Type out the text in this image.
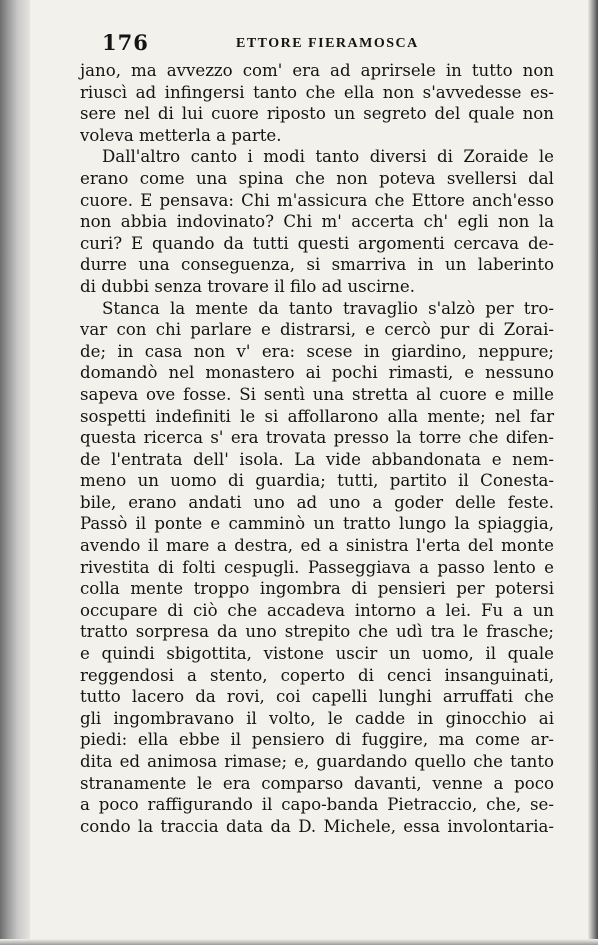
176	ETTORE FIERAMOSCA
jano, ma avvezzo com' era ad aprirsele in tutto non
riuscì ad infingersi tanto che ella non s'avvedesse es-
sere nel di lui cuore riposto un segreto del quale non
voleva metterla a parte.
Dall'altro canto i modi tanto diversi di Zoraide le
erano come una spina che non poteva svellersi dal
cuore. E pensava: Chi m'assicura che Ettore anch'esso
non abbia indovinato? Chi m' accerta ch' egli non la
curi? E quando da tutti questi argomenti cercava de-
durre una conseguenza, si smarriva in un laberinto
di dubbi senza trovare il filo ad uscirne.
Stanca la mente da tanto travaglio s'alzò per tro-
var con chi parlare e distrarsi, e cercò pur di Zorai-
de; in casa non v' era: scese in giardino, neppure;
domandò nel monastero ai pochi rimasti, e nessuno
sapeva ove fosse. Si sentì una stretta al cuore e mille
sospetti indefiniti le si affollarono alla mente; nel far
questa ricerca s' era trovata presso la torre che difen-
de l'entrata dell' isola. La vide abbandonata e nem-
meno un uomo di guardia; tutti, partito il Conesta-
bile, erano andati uno ad uno a goder delle feste.
Passò il ponte e camminò un tratto lungo la spiaggia,
avendo il mare a destra, ed a sinistra l'erta del monte
rivestita di folti cespugli. Passeggiava a passo lento e
colla mente troppo ingombra di pensieri per potersi
occupare di ciò che accadeva intorno a lei. Fu a un
tratto sorpresa da uno strepito che udì tra le frasche;
e quindi sbigottita, vistone uscir un uomo, il quale
reggendosi a stento, coperto di cenci insanguinati,
tutto lacero da rovi, coi capelli lunghi arruffati che
gli ingombravano il volto, le cadde in ginocchio ai
piedi: ella ebbe il pensiero di fuggire, ma come ar-
dita ed animosa rimase; e, guardando quello che tanto
stranamente le era comparso davanti, venne a poco
a poco raffigurando il capo-banda Pietraccio, che, se-
condo la traccia data da D. Michele, essa involontaria-
